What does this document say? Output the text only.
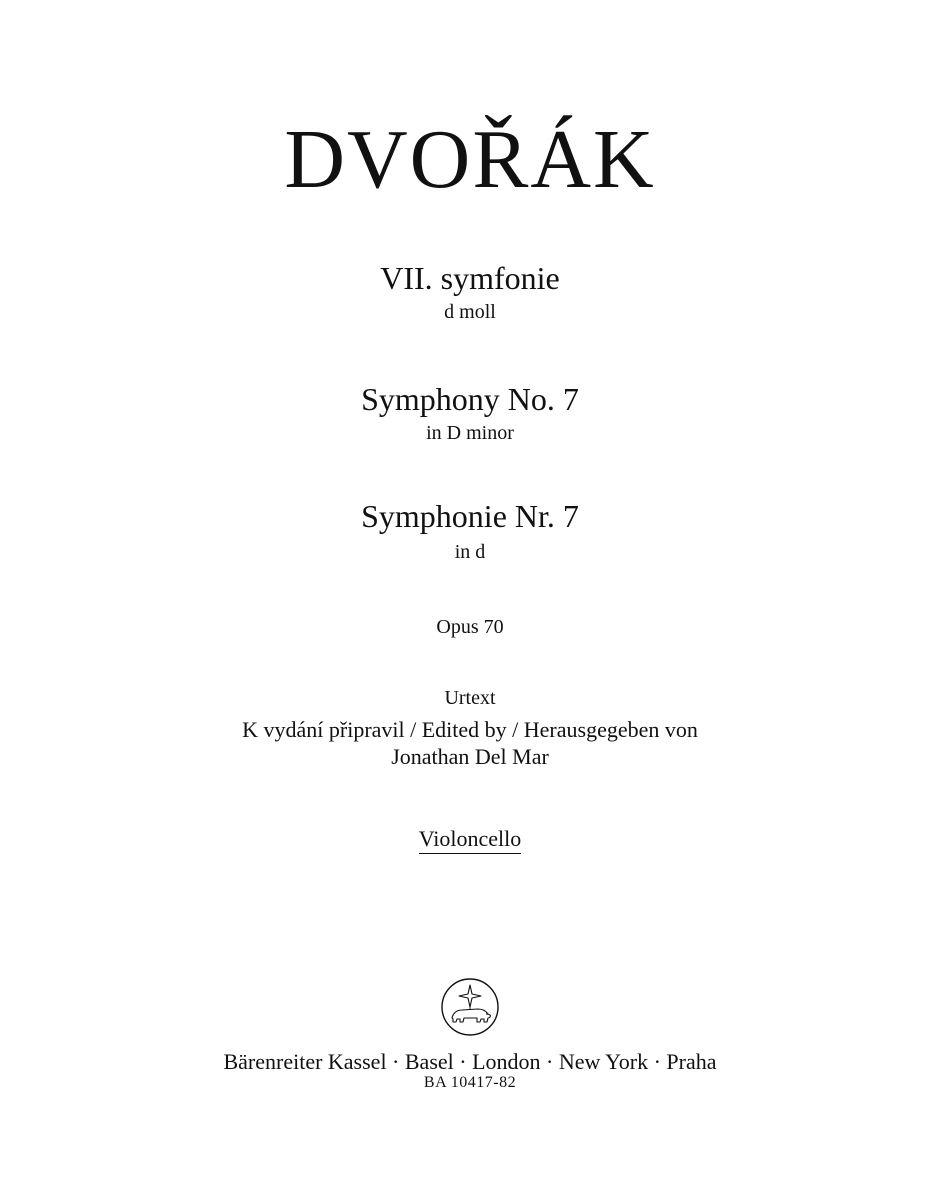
DVOŘÁK
VII. symfonie
d moll
Symphony No. 7
in D minor
Symphonie Nr. 7
in d
Opus 70
Urtext
K vydání připravil / Edited by / Herausgegeben von
Jonathan Del Mar
Violoncello
Bärenreiter Kassel · Basel · London · New York · Praha
BA 10417-82
